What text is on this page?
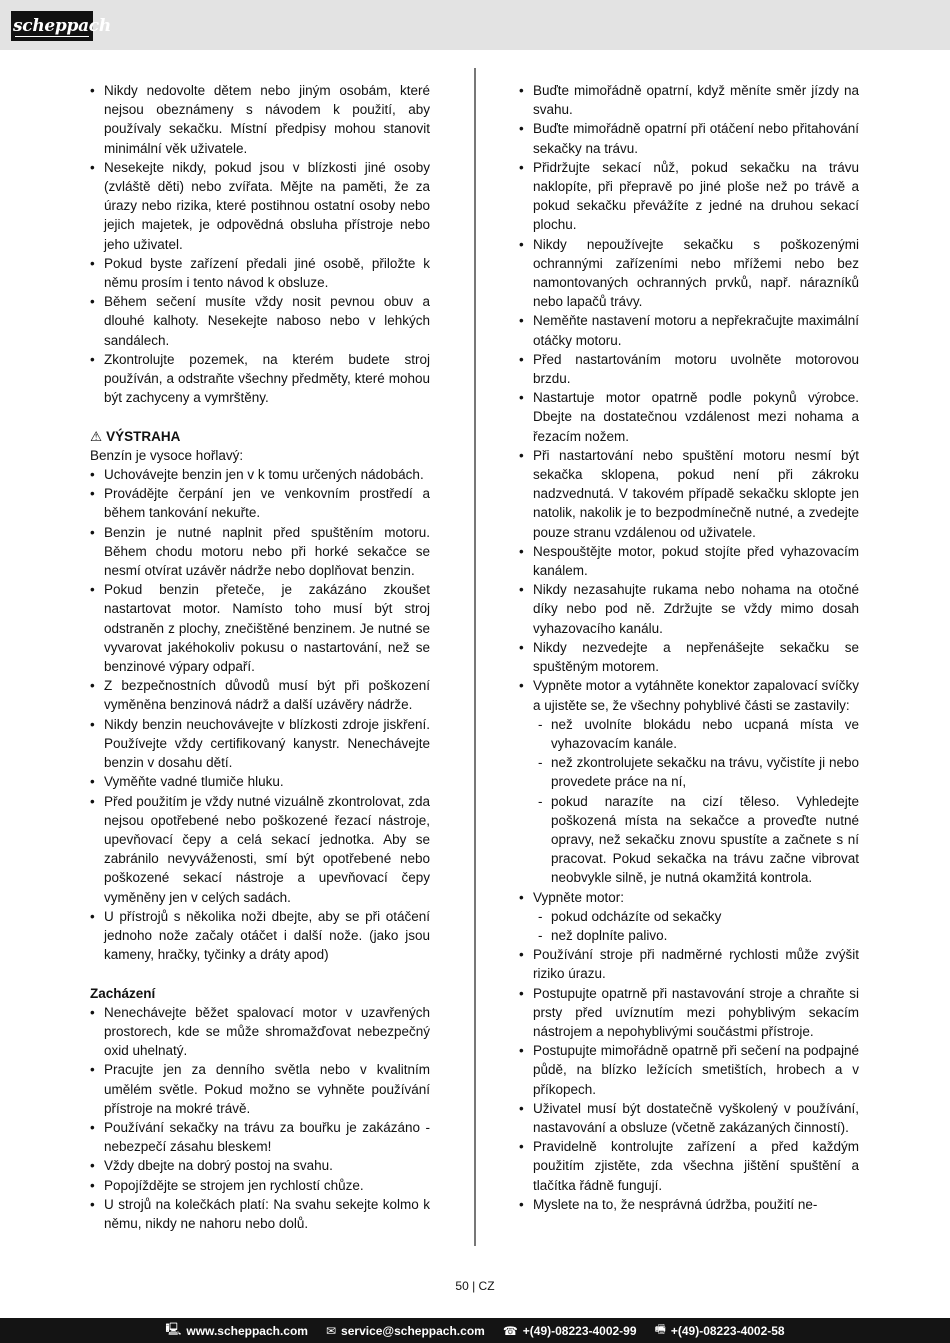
scheppach
• Nikdy nedovolte dětem nebo jiným osobám, které nejsou obeznámeny s návodem k použití, aby používaly sekačku. Místní předpisy mohou stanovit minimální věk uživatele.
• Nesekejte nikdy, pokud jsou v blízkosti jiné osoby (zvláště děti) nebo zvířata. Mějte na paměti, že za úrazy nebo rizika, které postihnou ostatní osoby nebo jejich majetek, je odpovědná obsluha přístroje nebo jeho uživatel.
• Pokud byste zařízení předali jiné osobě, přiložte k němu prosím i tento návod k obsluze.
• Během sečení musíte vždy nosit pevnou obuv a dlouhé kalhoty. Nesekejte naboso nebo v lehkých sandálech.
• Zkontrolujte pozemek, na kterém budete stroj používán, a odstraňte všechny předměty, které mohou být zachyceny a vymrštěny.
⚠ VÝSTRAHA

Benzín je vysoce hořlavý:

• Uchovávejte benzin jen v k tomu určených nádobách.
• Provádějte čerpání jen ve venkovním prostředí a během tankování nekuřte.
• Benzin je nutné naplnit před spuštěním motoru. Během chodu motoru nebo při horké sekačce se nesmí otvírat uzávěr nádrže nebo doplňovat benzin.
• Pokud benzin přeteče, je zakázáno zkoušet nastartovat motor. Namísto toho musí být stroj odstraněn z plochy, znečištěné benzinem. Je nutné se vyvarovat jakéhokoliv pokusu o nastartování, než se benzinové výpary odpaří.
• Z bezpečnostních důvodů musí být při poškození vyměněna benzinová nádrž a další uzávěry nádrže.
• Nikdy benzin neuchovávejte v blízkosti zdroje jiskření. Používejte vždy certifikovaný kanystr. Nenechávejte benzin v dosahu dětí.
• Vyměňte vadné tlumiče hluku.
• Před použitím je vždy nutné vizuálně zkontrolovat, zda nejsou opotřebené nebo poškozené řezací nástroje, upevňovací čepy a celá sekací jednotka. Aby se zabránilo nevyváženosti, smí být opotřebené nebo poškozené sekací nástroje a upevňovací čepy vyměněny jen v celých sadách.
• U přístrojů s několika noži dbejte, aby se při otáčení jednoho nože začaly otáčet i další nože. (jako jsou kameny, hračky, tyčinky a dráty apod)
Zacházení
• Nenechávejte běžet spalovací motor v uzavřených prostorech, kde se může shromažďovat nebezpečný oxid uhelnatý.
• Pracujte jen za denního světla nebo v kvalitním umělém světle. Pokud možno se vyhněte používání přístroje na mokré trávě.
• Používání sekačky na trávu za bouřku je zakázáno - nebezpečí zásahu bleskem!
• Vždy dbejte na dobrý postoj na svahu.
• Popojíždějte se strojem jen rychlostí chůze.
• U strojů na kolečkách platí: Na svahu sekejte kolmo k němu, nikdy ne nahoru nebo dolů.
• Buďte mimořádně opatrní, když měníte směr jízdy na svahu.
• Buďte mimořádně opatrní při otáčení nebo přitahování sekačky na trávu.
• Přidržujte sekací nůž, pokud sekačku na trávu naklopíte, při přepravě po jiné ploše než po trávě a pokud sekačku převážíte z jedné na druhou sekací plochu.
• Nikdy nepoužívejte sekačku s poškozenými ochrannými zařízeními nebo mřížemi nebo bez namontovaných ochranných prvků, např. nárazníků nebo lapačů trávy.
• Neměňte nastavení motoru a nepřekračujte maximální otáčky motoru.
• Před nastartováním motoru uvolněte motorovou brzdu.
• Nastartuje motor opatrně podle pokynů výrobce. Dbejte na dostatečnou vzdálenost mezi nohama a řezacím nožem.
• Při nastartování nebo spuštění motoru nesmí být sekačka sklopena, pokud není při zákroku nadzvednutá. V takovém případě sekačku sklopte jen natolik, nakolik je to bezpodmínečně nutné, a zvedejte pouze stranu vzdálenou od uživatele.
• Nespouštějte motor, pokud stojíte před vyhazovacím kanálem.
• Nikdy nezasahujte rukama nebo nohama na otočné díky nebo pod ně. Zdržujte se vždy mimo dosah vyhazovacího kanálu.
• Nikdy nezvedejte a nepřenášejte sekačku se spuštěným motorem.
• Vypněte motor a vytáhněte konektor zapalovací svíčky a ujistěte se, že všechny pohyblivé části se zastavily:
- než uvolníte blokádu nebo ucpaná místa ve vyhazovacím kanále.
- než zkontrolujete sekačku na trávu, vyčistíte ji nebo provedete práce na ní,
- pokud narazíte na cizí těleso. Vyhledejte poškozená místa na sekačce a proveďte nutné opravy, než sekačku znovu spustíte a začnete s ní pracovat. Pokud sekačka na trávu začne vibrovat neobvykle silně, je nutná okamžitá kontrola.
• Vypněte motor:
- pokud odcházíte od sekačky
- než doplníte palivo.
• Používání stroje při nadměrné rychlosti může zvýšit riziko úrazu.
• Postupujte opatrně při nastavování stroje a chraňte si prsty před uvíznutím mezi pohyblivým sekacím nástrojem a nepohyblivými součástmi přístroje.
• Postupujte mimořádně opatrně při sečení na podpajné půdě, na blízko ležících smetištích, hrobech a v příkopech.
• Uživatel musí být dostatečně vyškolený v používání, nastavování a obsluze (včetně zakázaných činností).
• Pravidelně kontrolujte zařízení a před každým použitím zjistěte, zda všechna jištění spuštění a tlačítka řádně fungují.
• Myslete na to, že nesprávná údržba, použití ne-
50 | CZ
🖳 www.scheppach.com ✉ service@scheppach.com ☎ +(49)-08223-4002-99 🖷 +(49)-08223-4002-58
